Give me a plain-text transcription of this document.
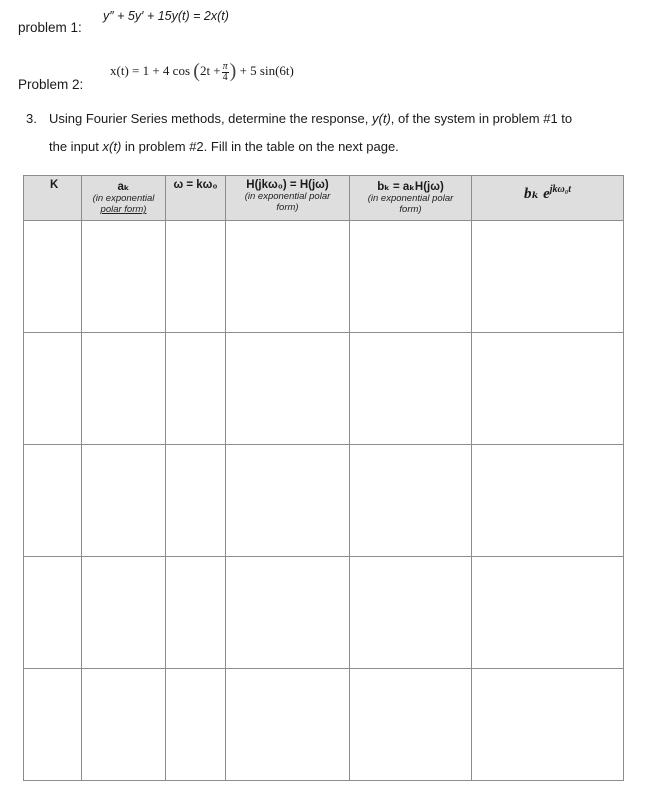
problem 1:
y″ + 5y′ + 15y(t) = 2x(t)
x(t) = 1 + 4 $\cos (2t + \frac{\pi}{4}$ ) + 5 sin(6t)
Problem 2:
3. Using Fourier Series methods, determine the response, y(t), of the system in problem #1 to
the input x(t) in problem #2. Fill in the table on the next page.
K	aₖ
(in exponential
polar form)	ω = kω₀	H(jkω₀) = H(jω)
(in exponential polar
form)	bₖ = aₖH(jω)
(in exponential polar
form)	bₖ $e^{jk\omega_0t}$
